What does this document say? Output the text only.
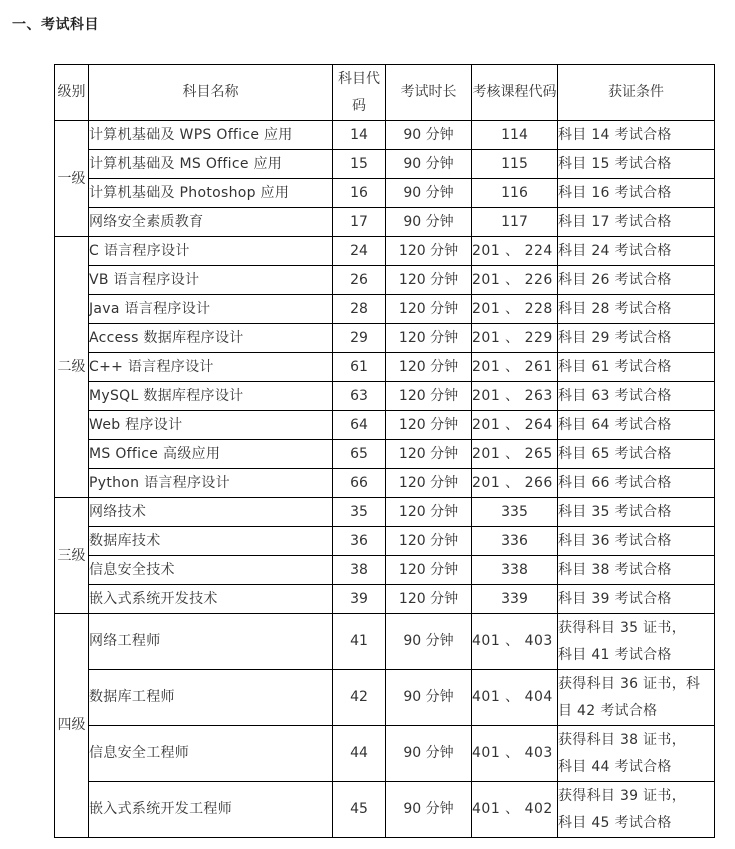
一、考试科目
级别	科目名称	科目代码	考试时长	考核课程代码	获证条件
一级	计算机基础及 WPS Office 应用	14	90 分钟	114	科目 14 考试合格
	计算机基础及 MS Office 应用	15	90 分钟	115	科目 15 考试合格
	计算机基础及 Photoshop 应用	16	90 分钟	116	科目 16 考试合格
	网络安全素质教育	17	90 分钟	117	科目 17 考试合格
二级	C 语言程序设计	24	120 分钟	201 、 224	科目 24 考试合格
	VB 语言程序设计	26	120 分钟	201 、 226	科目 26 考试合格
	Java 语言程序设计	28	120 分钟	201 、 228	科目 28 考试合格
	Access 数据库程序设计	29	120 分钟	201 、 229	科目 29 考试合格
	C++ 语言程序设计	61	120 分钟	201 、 261	科目 61 考试合格
	MySQL 数据库程序设计	63	120 分钟	201 、 263	科目 63 考试合格
	Web 程序设计	64	120 分钟	201 、 264	科目 64 考试合格
	MS Office 高级应用	65	120 分钟	201 、 265	科目 65 考试合格
	Python 语言程序设计	66	120 分钟	201 、 266	科目 66 考试合格
三级	网络技术	35	120 分钟	335	科目 35 考试合格
	数据库技术	36	120 分钟	336	科目 36 考试合格
	信息安全技术	38	120 分钟	338	科目 38 考试合格
	嵌入式系统开发技术	39	120 分钟	339	科目 39 考试合格
四级	网络工程师	41	90 分钟	401 、 403	获得科目 35 证书，
科目 41 考试合格

	数据库工程师	42	90 分钟	401 、 404	获得科目 36 证书，科
目 42 考试合格

	信息安全工程师	44	90 分钟	401 、 403	获得科目 38 证书，
科目 44 考试合格

	嵌入式系统开发工程师	45	90 分钟	401 、 402	获得科目 39 证书，
科目 45 考试合格
